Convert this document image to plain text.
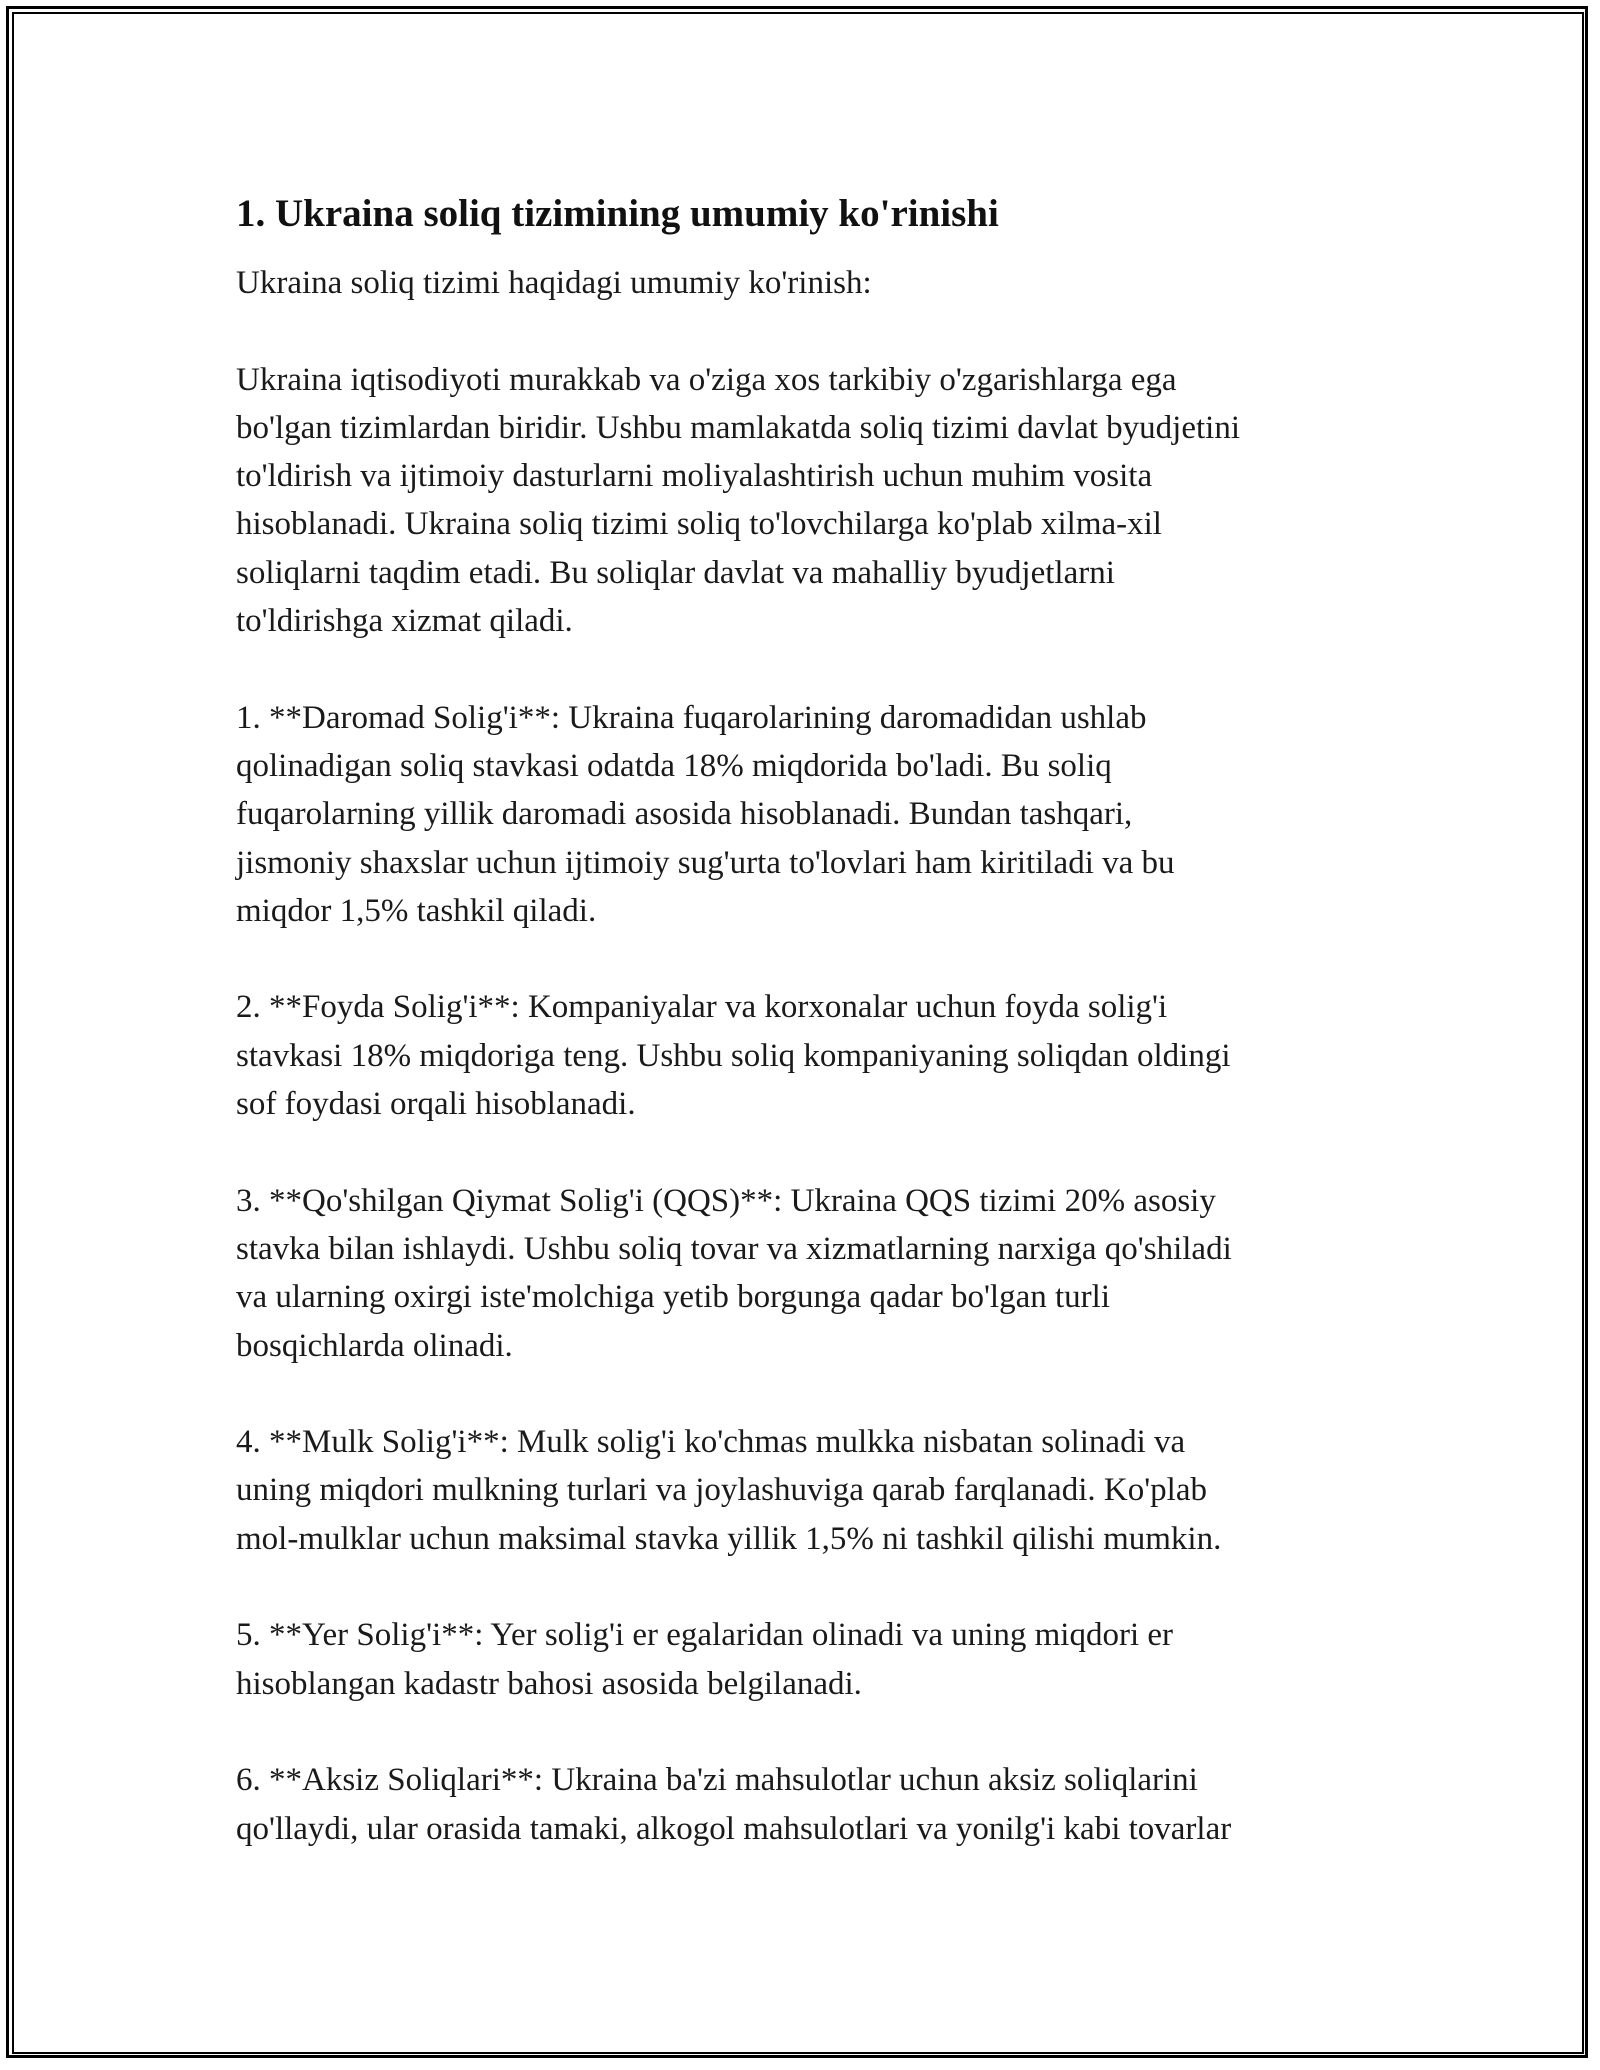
1. Ukraina soliq tizimining umumiy ko'rinishi

Ukraina soliq tizimi haqidagi umumiy ko'rinish:

Ukraina iqtisodiyoti murakkab va o'ziga xos tarkibiy o'zgarishlarga ega
bo'lgan tizimlardan biridir. Ushbu mamlakatda soliq tizimi davlat byudjetini
to'ldirish va ijtimoiy dasturlarni moliyalashtirish uchun muhim vosita
hisoblanadi. Ukraina soliq tizimi soliq to'lovchilarga ko'plab xilma-xil
soliqlarni taqdim etadi. Bu soliqlar davlat va mahalliy byudjetlarni
to'ldirishga xizmat qiladi.

1. **Daromad Solig'i**: Ukraina fuqarolarining daromadidan ushlab
qolinadigan soliq stavkasi odatda 18% miqdorida bo'ladi. Bu soliq
fuqarolarning yillik daromadi asosida hisoblanadi. Bundan tashqari,
jismoniy shaxslar uchun ijtimoiy sug'urta to'lovlari ham kiritiladi va bu
miqdor 1,5% tashkil qiladi.

2. **Foyda Solig'i**: Kompaniyalar va korxonalar uchun foyda solig'i
stavkasi 18% miqdoriga teng. Ushbu soliq kompaniyaning soliqdan oldingi
sof foydasi orqali hisoblanadi.

3. **Qo'shilgan Qiymat Solig'i (QQS)**: Ukraina QQS tizimi 20% asosiy
stavka bilan ishlaydi. Ushbu soliq tovar va xizmatlarning narxiga qo'shiladi
va ularning oxirgi iste'molchiga yetib borgunga qadar bo'lgan turli
bosqichlarda olinadi.

4. **Mulk Solig'i**: Mulk solig'i ko'chmas mulkka nisbatan solinadi va
uning miqdori mulkning turlari va joylashuviga qarab farqlanadi. Ko'plab
mol-mulklar uchun maksimal stavka yillik 1,5% ni tashkil qilishi mumkin.

5. **Yer Solig'i**: Yer solig'i er egalaridan olinadi va uning miqdori er
hisoblangan kadastr bahosi asosida belgilanadi.

6. **Aksiz Soliqlari**: Ukraina ba'zi mahsulotlar uchun aksiz soliqlarini
qo'llaydi, ular orasida tamaki, alkogol mahsulotlari va yonilg'i kabi tovarlar
